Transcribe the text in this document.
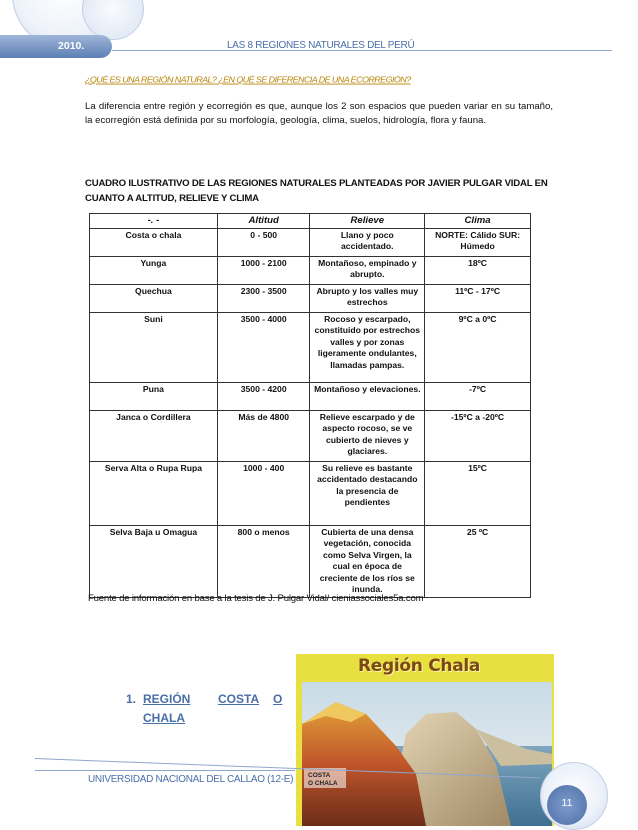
2010.	LAS 8 REGIONES NATURALES DEL PERÚ
¿QUÉ ES UNA REGIÓN NATURAL? ¿EN QUÉ SE DIFERENCIA DE UNA ECORREGIÓN?
La diferencia entre región y ecorregión es que, aunque los 2 son espacios que pueden variar en su tamaño, la ecorregión está definida por su morfología, geología, clima, suelos, hidrología, flora y fauna.
CUADRO ILUSTRATIVO DE LAS REGIONES NATURALES PLANTEADAS POR JAVIER PULGAR VIDAL EN CUANTO A ALTITUD, RELIEVE Y CLIMA
-. -	Altitud	Relieve	Clima
Costa o chala	0 - 500	Llano y poco accidentado.	NORTE: Cálido SUR: Húmedo
Yunga	1000 - 2100	Montañoso, empinado y abrupto.	18ºC
Quechua	2300 - 3500	Abrupto y los valles muy estrechos	11ºC - 17ºC
Suni	3500 - 4000	Rocoso y escarpado, constituido por estrechos valles y por zonas ligeramente ondulantes, llamadas pampas.	9ºC a 0ºC
Puna	3500 - 4200	Montañoso y elevaciones.	-7ºC
Janca o Cordillera	Más de 4800	Relieve escarpado y de aspecto rocoso, se ve cubierto de nieves y glaciares.	-15ºC a -20ºC
Serva Alta o Rupa Rupa	1000 - 400	Su relieve es bastante accidentado destacando la presencia de pendientes	15ºC
Selva Baja u Omagua	800 o menos	Cubierta de una densa vegetación, conocida como Selva Virgen, la cual en época de creciente de los ríos se inunda.	25 ºC
Fuente de información en base a la tesis de J. Pulgar Vidal/ cieniassociales5a.com
1. REGIÓN	COSTA	O
CHALA
Región Chala
COSTA
O CHALA
UNIVERSIDAD NACIONAL DEL CALLAO (12-E)
11
